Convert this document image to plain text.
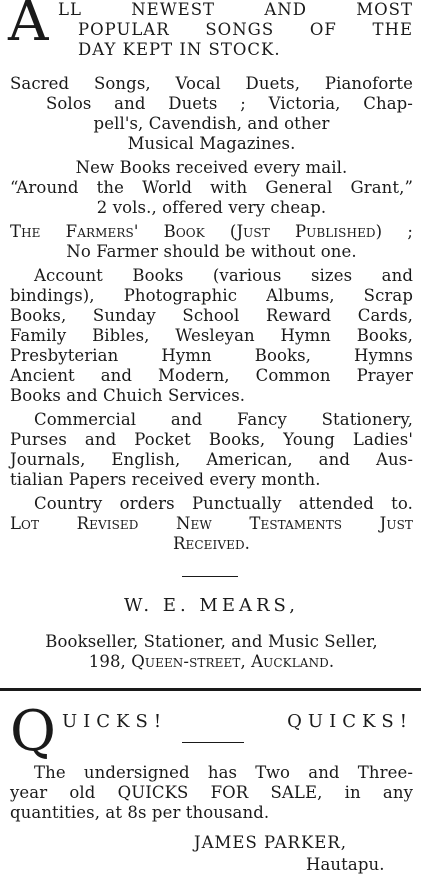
A LL NEWEST AND MOST
POPULAR SONGS OF THE
DAY KEPT IN STOCK.
Sacred Songs, Vocal Duets, Pianoforte
Solos and Duets ; Victoria, Chap-
pell's, Cavendish, and other
Musical Magazines.
New Books received every mail.
“Around the World with General Grant,”
2 vols., offered very cheap.
The Farmers' Book (Just Published) ;
No Farmer should be without one.
Account Books (various sizes and
bindings), Photographic Albums, Scrap
Books, Sunday School Reward Cards,
Family Bibles, Wesleyan Hymn Books,
Presbyterian Hymn Books, Hymns
Ancient and Modern, Common Prayer
Books and Chuich Services.
Commercial and Fancy Stationery,
Purses and Pocket Books, Young Ladies'
Journals, English, American, and Aus-
tialian Papers received every month.
Country orders Punctually attended to.
Lot Revised New Testaments Just
Received.
W. E. MEARS,
Bookseller, Stationer, and Music Seller,
198, Queen-street, Auckland.
Q UICKS! QUICKS!
The undersigned has Two and Three-
year old QUICKS FOR SALE, in any
quantities, at 8s per thousand.
JAMES PARKER,
Hautapu.
